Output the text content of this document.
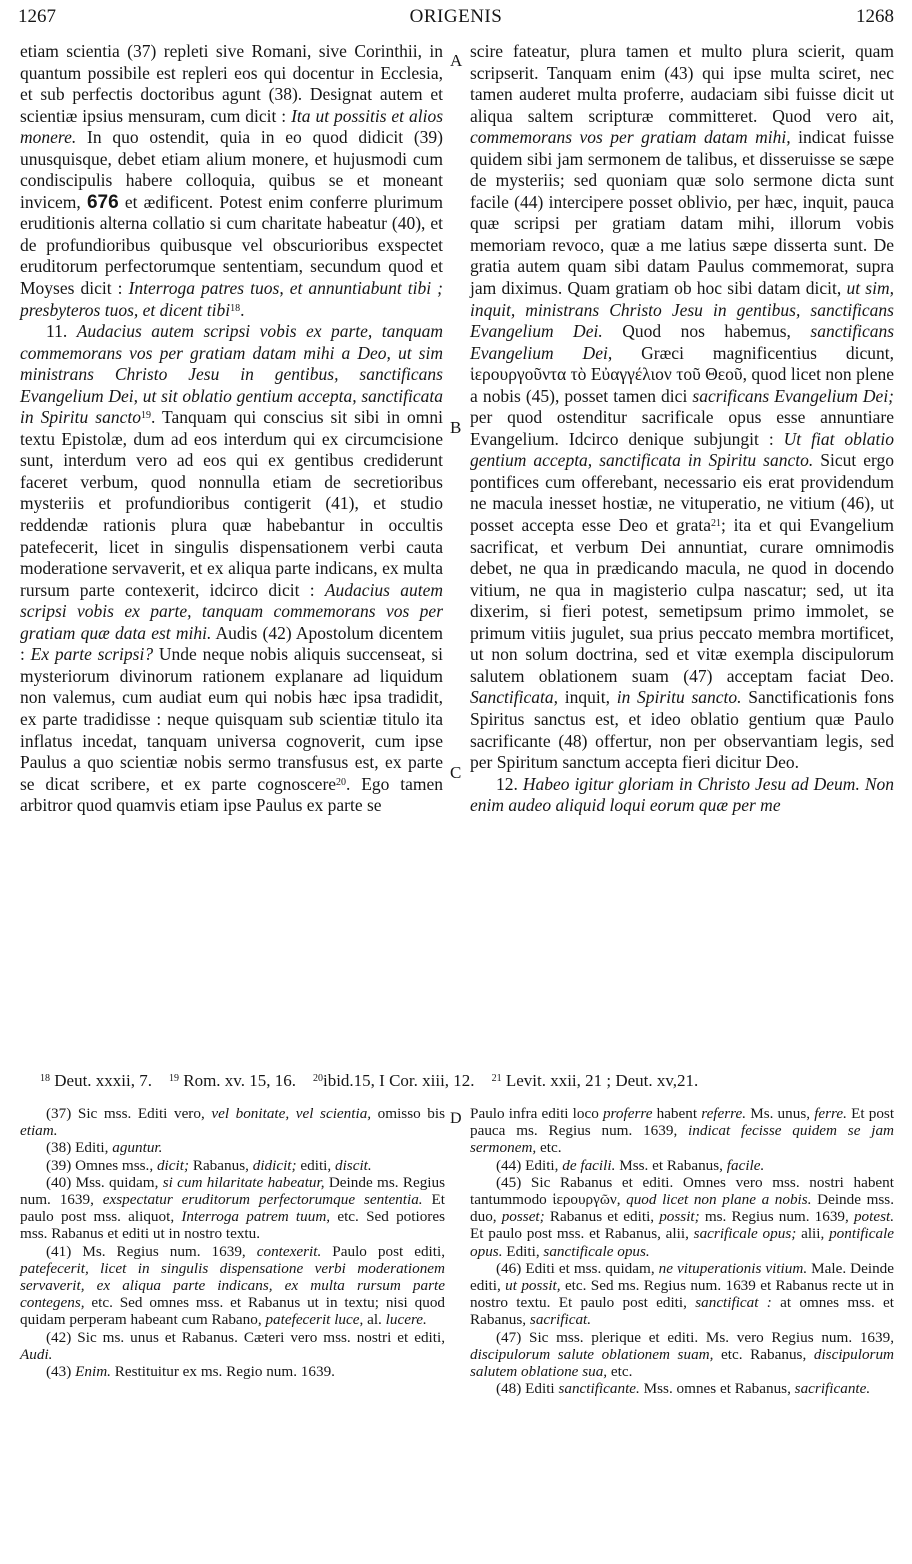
1267	ORIGENIS	1268
A
B
C
D

etiam scientia (37) repleti sive Romani, sive Corinthii, in quantum possibile est repleri eos qui docentur in Ecclesia, et sub perfectis doctoribus agunt (38). Designat autem et scientiæ ipsius mensuram, cum dicit : Ita ut possitis et alios monere. In quo ostendit, quia in eo quod didicit (39) unusquisque, debet etiam alium monere, et hujusmodi cum condiscipulis habere colloquia, quibus se et moneant invicem, 676 et ædificent. Potest enim conferre plurimum eruditionis alterna collatio si cum charitate habeatur (40), et de profundioribus quibusque vel obscurioribus exspectet eruditorum perfectorumque sententiam, secundum quod et Moyses dicit : Interroga patres tuos, et annuntiabunt tibi ; presbyteros tuos, et dicent tibi$^{18}$.

11. Audacius autem scripsi vobis ex parte, tanquam commemorans vos per gratiam datam mihi a Deo, ut sim ministrans Christo Jesu in gentibus, sanctificans Evangelium Dei, ut sit oblatio gentium accepta, sanctificata in Spiritu sancto$^{19}$. Tanquam qui conscius sit sibi in omni textu Epistolæ, dum ad eos interdum qui ex circumcisione sunt, interdum vero ad eos qui ex gentibus crediderunt faceret verbum, quod nonnulla etiam de secretioribus mysteriis et profundioribus contigerit (41), et studio reddendæ rationis plura quæ habebantur in occultis patefecerit, licet in singulis dispensationem verbi cauta moderatione servaverit, et ex aliqua parte indicans, ex multa rursum parte contexerit, idcirco dicit : Audacius autem scripsi vobis ex parte, tanquam commemorans vos per gratiam quæ data est mihi. Audis (42) Apostolum dicentem : Ex parte scripsi? Unde neque nobis aliquis succenseat, si mysteriorum divinorum rationem explanare ad liquidum non valemus, cum audiat eum qui nobis hæc ipsa tradidit, ex parte tradidisse : neque quisquam sub scientiæ titulo ita inflatus incedat, tanquam universa cognoverit, cum ipse Paulus a quo scientiæ nobis sermo transfusus est, ex parte se dicat scribere, et ex parte cognoscere$^{20}$. Ego tamen arbitror quod quamvis etiam ipse Paulus ex parte se

scire fateatur, plura tamen et multo plura scierit, quam scripserit. Tanquam enim (43) qui ipse multa sciret, nec tamen auderet multa proferre, audaciam sibi fuisse dicit ut aliqua saltem scripturæ committeret. Quod vero ait, commemorans vos per gratiam datam mihi, indicat fuisse quidem sibi jam sermonem de talibus, et disseruisse se sæpe de mysteriis; sed quoniam quæ solo sermone dicta sunt facile (44) intercipere posset oblivio, per hæc, inquit, pauca quæ scripsi per gratiam datam mihi, illorum vobis memoriam revoco, quæ a me latius sæpe disserta sunt. De gratia autem quam sibi datam Paulus commemorat, supra jam diximus. Quam gratiam ob hoc sibi datam dicit, ut sim, inquit, ministrans Christo Jesu in gentibus, sanctificans Evangelium Dei. Quod nos habemus, sanctificans Evangelium Dei, Græci magnificentius dicunt, ἱερουργοῦντα τὸ Εὐαγγέλιον τοῦ Θεοῦ, quod licet non plene a nobis (45), posset tamen dici sacrificans Evangelium Dei; per quod ostenditur sacrificale opus esse annuntiare Evangelium. Idcirco denique subjungit : Ut fiat oblatio gentium accepta, sanctificata in Spiritu sancto. Sicut ergo pontifices cum offerebant, necessario eis erat providendum ne macula inesset hostiæ, ne vituperatio, ne vitium (46), ut posset accepta esse Deo et grata$^{21}$; ita et qui Evangelium sacrificat, et verbum Dei annuntiat, curare omnimodis debet, ne qua in prædicando macula, ne quod in docendo vitium, ne qua in magisterio culpa nascatur; sed, ut ita dixerim, si fieri potest, semetipsum primo immolet, se primum vitiis jugulet, sua prius peccato membra mortificet, ut non solum doctrina, sed et vitæ exempla discipulorum salutem oblationem suam (47) acceptam faciat Deo. Sanctificata, inquit, in Spiritu sancto. Sanctificationis fons Spiritus sanctus est, et ideo oblatio gentium quæ Paulo sacrificante (48) offertur, non per observantiam legis, sed per Spiritum sanctum accepta fieri dicitur Deo.

12. Habeo igitur gloriam in Christo Jesu ad Deum. Non enim audeo aliquid loqui eorum quæ per me

$^{18}$ Deut. xxxii, 7. $^{19}$ Rom. xv. 15, 16. $^{20}$ibid.15, I Cor. xiii, 12. $^{21}$ Levit. xxii, 21 ; Deut. xv,21.

(37) Sic mss. Editi vero, vel bonitate, vel scientia, omisso bis etiam.

(38) Editi, aguntur.

(39) Omnes mss., dicit; Rabanus, didicit; editi, discit.

(40) Mss. quidam, si cum hilaritate habeatur, Deinde ms. Regius num. 1639, exspectatur eruditorum perfectorumque sententia. Et paulo post mss. aliquot, Interroga patrem tuum, etc. Sed potiores mss. Rabanus et editi ut in nostro textu.

(41) Ms. Regius num. 1639, contexerit. Paulo post editi, patefecerit, licet in singulis dispensatione verbi moderationem servaverit, ex aliqua parte indicans, ex multa rursum parte contegens, etc. Sed omnes mss. et Rabanus ut in textu; nisi quod quidam perperam habeant cum Rabano, patefecerit luce, al. lucere.

(42) Sic ms. unus et Rabanus. Cæteri vero mss. nostri et editi, Audi.

(43) Enim. Restituitur ex ms. Regio num. 1639.

Paulo infra editi loco proferre habent referre. Ms. unus, ferre. Et post pauca ms. Regius num. 1639, indicat fecisse quidem se jam sermonem, etc.

(44) Editi, de facili. Mss. et Rabanus, facile.

(45) Sic Rabanus et editi. Omnes vero mss. nostri habent tantummodo ἱερουργῶν, quod licet non plane a nobis. Deinde mss. duo, posset; Rabanus et editi, possit; ms. Regius num. 1639, potest. Et paulo post mss. et Rabanus, alii, sacrificale opus; alii, pontificale opus. Editi, sanctificale opus.

(46) Editi et mss. quidam, ne vituperationis vitium. Male. Deinde editi, ut possit, etc. Sed ms. Regius num. 1639 et Rabanus recte ut in nostro textu. Et paulo post editi, sanctificat : at omnes mss. et Rabanus, sacrificat.

(47) Sic mss. plerique et editi. Ms. vero Regius num. 1639, discipulorum salute oblationem suam, etc. Rabanus, discipulorum salutem oblatione sua, etc.

(48) Editi sanctificante. Mss. omnes et Rabanus, sacrificante.
